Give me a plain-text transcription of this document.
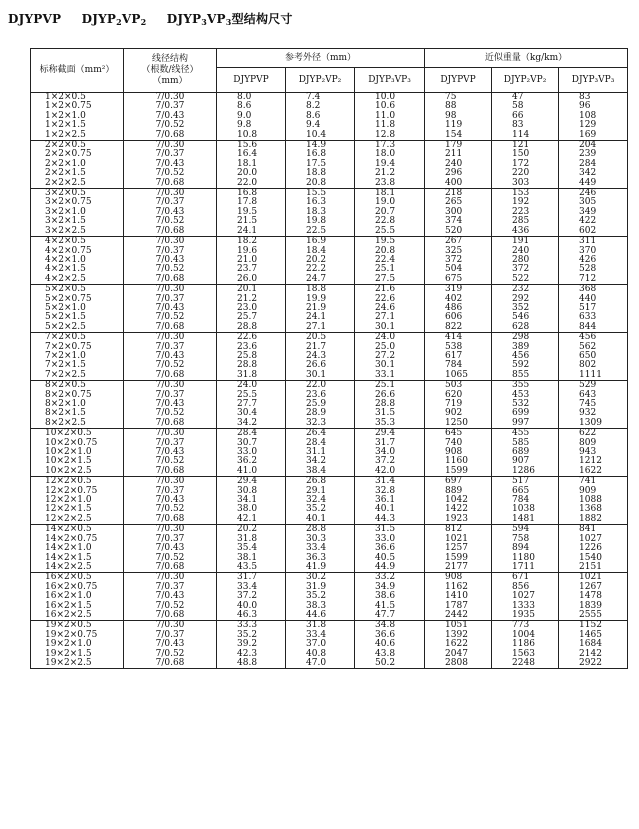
DJYPVP $DJYP_2VP_2$ $DJYP_3VP_3$型结构尺寸
标称截面（mm²）	线径结构
（根数/线径）
（mm）	参考外径（mm）			近似重量（kg/km）		
		DJYPVP	DJYP₂VP₂	DJYP₃VP₃	DJYPVP	DJYP₂VP₂	DJYP₃VP₃
1×2×0.5	7/0.30	8.0	7.4	10.0	75	47	83
1×2×0.75	7/0.37	8.6	8.2	10.6	88	58	96
1×2×1.0	7/0.43	9.0	8.6	11.0	98	66	108
1×2×1.5	7/0.52	9.8	9.4	11.8	119	83	129
1×2×2.5	7/0.68	10.8	10.4	12.8	154	114	169
2×2×0.5	7/0.30	15.6	14.9	17.3	179	121	204
2×2×0.75	7/0.37	16.4	16.8	18.0	211	150	239
2×2×1.0	7/0.43	18.1	17.5	19.4	240	172	284
2×2×1.5	7/0.52	20.0	18.8	21.2	296	220	342
2×2×2.5	7/0.68	22.0	20.8	23.8	400	303	449
3×2×0.5	7/0.30	16.8	15.5	18.1	218	153	246
3×2×0.75	7/0.37	17.8	16.3	19.0	265	192	305
3×2×1.0	7/0.43	19.5	18.3	20.7	300	223	349
3×2×1.5	7/0.52	21.5	19.8	22.8	374	285	422
3×2×2.5	7/0.68	24.1	22.5	25.5	520	436	602
4×2×0.5	7/0.30	18.2	16.9	19.5	267	191	311
4×2×0.75	7/0.37	19.6	18.4	20.8	325	240	370
4×2×1.0	7/0.43	21.0	20.2	22.4	372	280	426
4×2×1.5	7/0.52	23.7	22.2	25.1	504	372	528
4×2×2.5	7/0.68	26.0	24.7	27.5	675	522	712
5×2×0.5	7/0.30	20.1	18.8	21.6	319	232	368
5×2×0.75	7/0.37	21.2	19.9	22.6	402	292	440
5×2×1.0	7/0.43	23.0	21.9	24.6	486	352	517
5×2×1.5	7/0.52	25.7	24.1	27.1	606	546	633
5×2×2.5	7/0.68	28.8	27.1	30.1	822	628	844
7×2×0.5	7/0.30	22.6	20.5	24.0	414	298	456
7×2×0.75	7/0.37	23.6	21.7	25.0	538	389	562
7×2×1.0	7/0.43	25.8	24.3	27.2	617	456	650
7×2×1.5	7/0.52	28.8	26.6	30.1	784	592	802
7×2×2.5	7/0.68	31.8	30.1	33.1	1065	855	1111
8×2×0.5	7/0.30	24.0	22.0	25.1	503	355	529
8×2×0.75	7/0.37	25.5	23.6	26.6	620	453	643
8×2×1.0	7/0.43	27.7	25.9	28.8	719	532	745
8×2×1.5	7/0.52	30.4	28.9	31.5	902	699	932
8×2×2.5	7/0.68	34.2	32.3	35.3	1250	997	1309
10×2×0.5	7/0.30	28.4	26.4	29.4	645	455	622
10×2×0.75	7/0.37	30.7	28.4	31.7	740	585	809
10×2×1.0	7/0.43	33.0	31.1	34.0	908	689	943
10×2×1.5	7/0.52	36.2	34.2	37.2	1160	907	1212
10×2×2.5	7/0.68	41.0	38.4	42.0	1599	1286	1622
12×2×0.5	7/0.30	29.4	26.8	31.4	697	517	741
12×2×0.75	7/0.37	30.8	29.1	32.8	889	665	909
12×2×1.0	7/0.43	34.1	32.4	36.1	1042	784	1088
12×2×1.5	7/0.52	38.0	35.2	40.1	1422	1038	1368
12×2×2.5	7/0.68	42.1	40.1	44.3	1923	1481	1882
14×2×0.5	7/0.30	20.2	28.8	31.5	812	594	841
14×2×0.75	7/0.37	31.8	30.3	33.0	1021	758	1027
14×2×1.0	7/0.43	35.4	33.4	36.6	1257	894	1226
14×2×1.5	7/0.52	38.1	36.3	40.5	1599	1180	1540
14×2×2.5	7/0.68	43.5	41.9	44.9	2177	1711	2151
16×2×0.5	7/0.30	31.7	30.2	33.2	908	671	1021
16×2×0.75	7/0.37	33.4	31.9	34.9	1162	856	1267
16×2×1.0	7/0.43	37.2	35.2	38.6	1410	1027	1478
16×2×1.5	7/0.52	40.0	38.3	41.5	1787	1333	1839
16×2×2.5	7/0.68	46.3	44.6	47.7	2442	1935	2555
19×2×0.5	7/0.30	33.3	31.8	34.8	1051	773	1152
19×2×0.75	7/0.37	35.2	33.4	36.6	1392	1004	1465
19×2×1.0	7/0.43	39.2	37.0	40.6	1622	1186	1684
19×2×1.5	7/0.52	42.3	40.8	43.8	2047	1563	2142
19×2×2.5	7/0.68	48.8	47.0	50.2	2808	2248	2922
